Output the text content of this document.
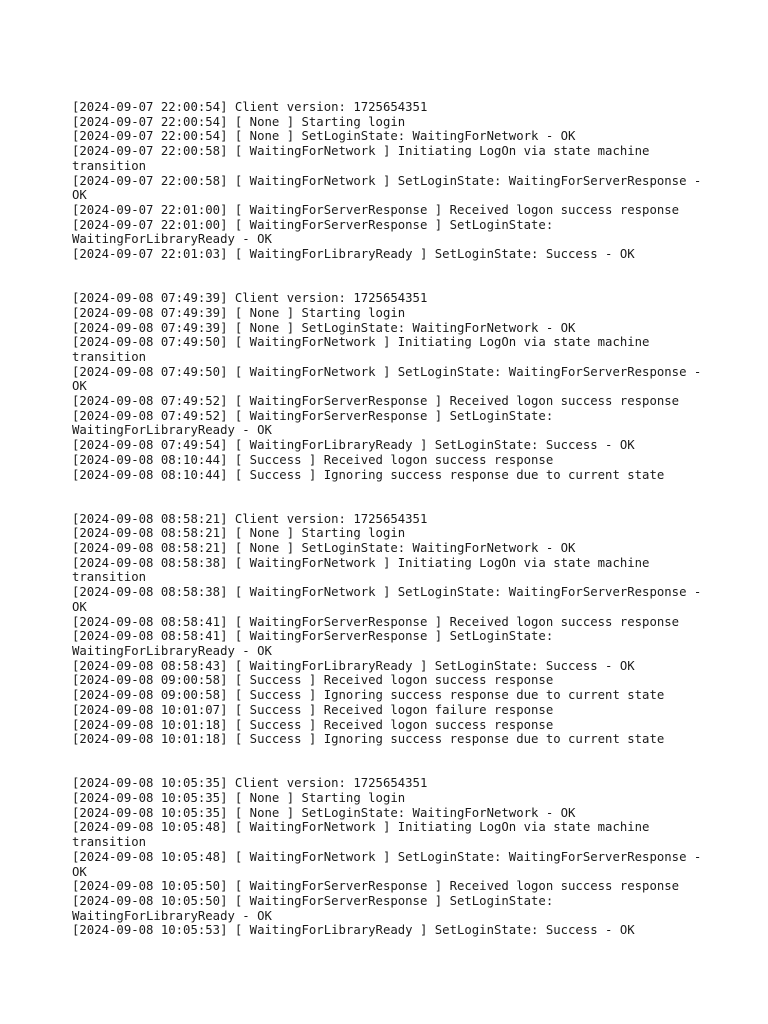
[2024-09-07 22:00:54] Client version: 1725654351
[2024-09-07 22:00:54] [ None ] Starting login
[2024-09-07 22:00:54] [ None ] SetLoginState: WaitingForNetwork - OK
[2024-09-07 22:00:58] [ WaitingForNetwork ] Initiating LogOn via state machine transition
[2024-09-07 22:00:58] [ WaitingForNetwork ] SetLoginState: WaitingForServerResponse - OK
[2024-09-07 22:01:00] [ WaitingForServerResponse ] Received logon success response
[2024-09-07 22:01:00] [ WaitingForServerResponse ] SetLoginState: WaitingForLibraryReady - OK
[2024-09-07 22:01:03] [ WaitingForLibraryReady ] SetLoginState: Success - OK
[2024-09-08 07:49:39] Client version: 1725654351
[2024-09-08 07:49:39] [ None ] Starting login
[2024-09-08 07:49:39] [ None ] SetLoginState: WaitingForNetwork - OK
[2024-09-08 07:49:50] [ WaitingForNetwork ] Initiating LogOn via state machine transition
[2024-09-08 07:49:50] [ WaitingForNetwork ] SetLoginState: WaitingForServerResponse - OK
[2024-09-08 07:49:52] [ WaitingForServerResponse ] Received logon success response
[2024-09-08 07:49:52] [ WaitingForServerResponse ] SetLoginState: WaitingForLibraryReady - OK
[2024-09-08 07:49:54] [ WaitingForLibraryReady ] SetLoginState: Success - OK
[2024-09-08 08:10:44] [ Success ] Received logon success response
[2024-09-08 08:10:44] [ Success ] Ignoring success response due to current state
[2024-09-08 08:58:21] Client version: 1725654351
[2024-09-08 08:58:21] [ None ] Starting login
[2024-09-08 08:58:21] [ None ] SetLoginState: WaitingForNetwork - OK
[2024-09-08 08:58:38] [ WaitingForNetwork ] Initiating LogOn via state machine transition
[2024-09-08 08:58:38] [ WaitingForNetwork ] SetLoginState: WaitingForServerResponse - OK
[2024-09-08 08:58:41] [ WaitingForServerResponse ] Received logon success response
[2024-09-08 08:58:41] [ WaitingForServerResponse ] SetLoginState: WaitingForLibraryReady - OK
[2024-09-08 08:58:43] [ WaitingForLibraryReady ] SetLoginState: Success - OK
[2024-09-08 09:00:58] [ Success ] Received logon success response
[2024-09-08 09:00:58] [ Success ] Ignoring success response due to current state
[2024-09-08 10:01:07] [ Success ] Received logon failure response
[2024-09-08 10:01:18] [ Success ] Received logon success response
[2024-09-08 10:01:18] [ Success ] Ignoring success response due to current state
[2024-09-08 10:05:35] Client version: 1725654351
[2024-09-08 10:05:35] [ None ] Starting login
[2024-09-08 10:05:35] [ None ] SetLoginState: WaitingForNetwork - OK
[2024-09-08 10:05:48] [ WaitingForNetwork ] Initiating LogOn via state machine transition
[2024-09-08 10:05:48] [ WaitingForNetwork ] SetLoginState: WaitingForServerResponse - OK
[2024-09-08 10:05:50] [ WaitingForServerResponse ] Received logon success response
[2024-09-08 10:05:50] [ WaitingForServerResponse ] SetLoginState: WaitingForLibraryReady - OK
[2024-09-08 10:05:53] [ WaitingForLibraryReady ] SetLoginState: Success - OK
